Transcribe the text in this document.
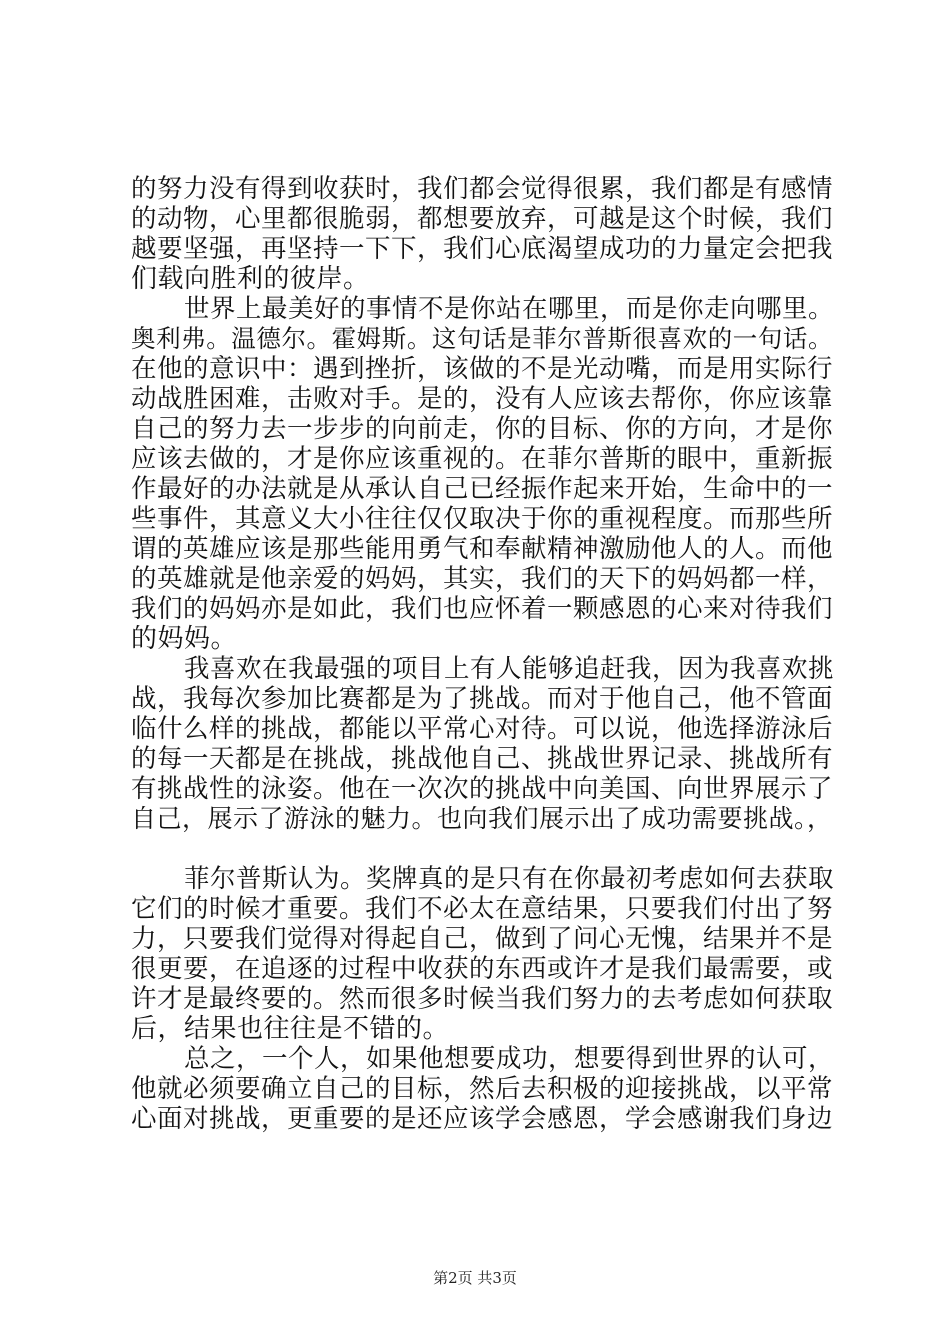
的努力没有得到收获时，我们都会觉得很累，我们都是有感情
的动物，心里都很脆弱，都想要放弃，可越是这个时候，我们
越要坚强，再坚持一下下，我们心底渴望成功的力量定会把我
们载向胜利的彼岸。
世界上最美好的事情不是你站在哪里，而是你走向哪里。
奥利弗。温德尔。霍姆斯。这句话是菲尔普斯很喜欢的一句话。
在他的意识中：遇到挫折，该做的不是光动嘴，而是用实际行
动战胜困难，击败对手。是的，没有人应该去帮你，你应该靠
自己的努力去一步步的向前走，你的目标、你的方向，才是你
应该去做的，才是你应该重视的。在菲尔普斯的眼中，重新振
作最好的办法就是从承认自己已经振作起来开始，生命中的一
些事件，其意义大小往往仅仅取决于你的重视程度。而那些所
谓的英雄应该是那些能用勇气和奉献精神激励他人的人。而他
的英雄就是他亲爱的妈妈，其实，我们的天下的妈妈都一样，
我们的妈妈亦是如此，我们也应怀着一颗感恩的心来对待我们
的妈妈。
我喜欢在我最强的项目上有人能够追赶我，因为我喜欢挑
战，我每次参加比赛都是为了挑战。而对于他自己，他不管面
临什么样的挑战，都能以平常心对待。可以说，他选择游泳后
的每一天都是在挑战，挑战他自己、挑战世界记录、挑战所有
有挑战性的泳姿。他在一次次的挑战中向美国、向世界展示了
自己，展示了游泳的魅力。也向我们展示出了成功需要挑战。，
菲尔普斯认为。奖牌真的是只有在你最初考虑如何去获取
它们的时候才重要。我们不必太在意结果，只要我们付出了努
力，只要我们觉得对得起自己，做到了问心无愧，结果并不是
很更要，在追逐的过程中收获的东西或许才是我们最需要，或
许才是最终要的。然而很多时候当我们努力的去考虑如何获取
后，结果也往往是不错的。
总之，一个人，如果他想要成功，想要得到世界的认可，
他就必须要确立自己的目标，然后去积极的迎接挑战，以平常
心面对挑战，更重要的是还应该学会感恩，学会感谢我们身边
第2页 共3页
